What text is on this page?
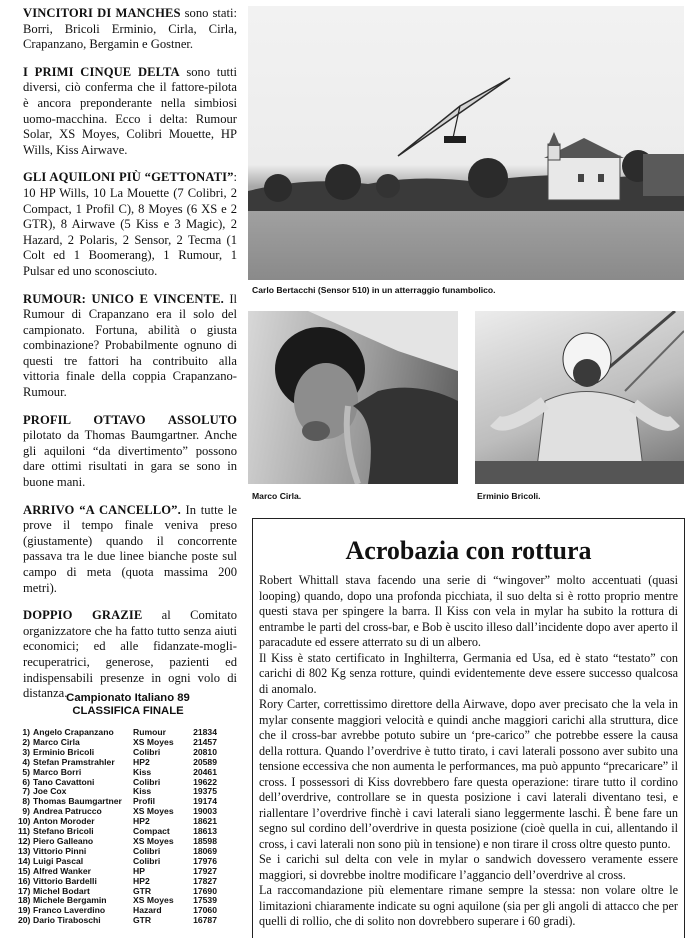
VINCITORI DI MANCHES sono stati: Borri, Bricoli Erminio, Cirla, Cirla, Crapanzano, Bergamin e Gostner.

I PRIMI CINQUE DELTA sono tutti diversi, ciò conferma che il fattore-pilota è ancora preponderante nella simbiosi uomo-macchina. Ecco i delta: Rumour Solar, XS Moyes, Colibri Mouette, HP Wills, Kiss Airwave.

GLI AQUILONI PIÙ “GETTONATI”: 10 HP Wills, 10 La Mouette (7 Colibri, 2 Compact, 1 Profil C), 8 Moyes (6 XS e 2 GTR), 8 Airwave (5 Kiss e 3 Magic), 2 Hazard, 2 Polaris, 2 Sensor, 2 Tecma (1 Colt ed 1 Boomerang), 1 Rumour, 1 Pulsar ed uno sconosciuto.

RUMOUR: UNICO E VINCENTE. Il Rumour di Crapanzano era il solo del campionato. Fortuna, abilità o giusta combinazione? Probabilmente ognuno di questi tre fattori ha contribuito alla vittoria finale della coppia Crapanzano-Rumour.

PROFIL OTTAVO ASSOLUTO pilotato da Thomas Baumgartner. Anche gli aquiloni “da divertimento” possono dare ottimi risultati in gara se sono in buone mani.

ARRIVO “A CANCELLO”. In tutte le prove il tempo finale veniva preso (giustamente) quando il concorrente passava tra le due linee bianche poste sul campo di meta (quota massima 200 metri).

DOPPIO GRAZIE al Comitato organizzatore che ha fatto tutto senza aiuti economici; ed alle fidanzate-mogli-recuperatrici, generose, pazienti ed indispensabili presenze in ogni volo di distanza.

Campionato Italiano 89
CLASSIFICA FINALE
1) Angelo Crapanzano	Rumour	21834
2) Marco Cirla	XS Moyes	21457
3) Erminio Bricoli	Colibri	20810
4) Stefan Pramstrahler	HP2	20589
5) Marco Borri	Kiss	20461
6) Tano Cavattoni	Colibri	19622
7) Joe Cox	Kiss	19375
8) Thomas Baumgartner	Profil	19174
9) Andrea Patrucco	XS Moyes	19003
10) Anton Moroder	HP2	18621
11) Stefano Bricoli	Compact	18613
12) Piero Galleano	XS Moyes	18598
13) Vittorio Pinni	Colibri	18069
14) Luigi Pascal	Colibri	17976
15) Alfred Wanker	HP	17927
16) Vittorio Bardelli	HP2	17827
17) Michel Bodart	GTR	17690
18) Michele Bergamin	XS Moyes	17539
19) Franco Laverdino	Hazard	17060
20) Dario Tiraboschi	GTR	16787
Carlo Bertacchi (Sensor 510) in un atterraggio funambolico.
Marco Cirla.	Erminio Bricoli.
Acrobazia con rottura

Robert Whittall stava facendo una serie di “wingover” molto accentuati (quasi looping) quando, dopo una profonda picchiata, il suo delta si è rotto proprio mentre questi stava per spingere la barra. Il Kiss con vela in mylar ha subito la rottura di entrambe le parti del cross-bar, e Bob è uscito illeso dall’incidente dopo aver aperto il paracadute ed essere atterrato su di un albero.

Il Kiss è stato certificato in Inghilterra, Germania ed Usa, ed è stato “testato” con carichi di 802 Kg senza rotture, quindi evidentemente deve essere successo qualcosa di anomalo.

Rory Carter, correttissimo direttore della Airwave, dopo aver precisato che la vela in mylar consente maggiori velocità e quindi anche maggiori carichi alla struttura, dice che il cross-bar avrebbe potuto subire un ‘pre-carico” che potrebbe essere la causa della rottura. Quando l’overdrive è tutto tirato, i cavi laterali possono aver subito una tensione eccessiva che non aumenta le performances, ma può appunto “precaricare” il cross. I possessori di Kiss dovrebbero fare questa operazione: tirare tutto il cordino dell’overdrive, controllare se in questa posizione i cavi laterali diventano tesi, e riallentare l’overdrive finchè i cavi laterali siano leggermente laschi. È bene fare un segno sul cordino dell’overdrive in questa posizione (cioè quella in cui, allentando il cross, i cavi laterali non sono più in tensione) e non tirare il cross oltre questo punto.

Se i carichi sul delta con vele in mylar o sandwich dovessero veramente essere maggiori, si dovrebbe inoltre modificare l’aggancio dell’overdrive al cross.

La raccomandazione più elementare rimane sempre la stessa: non volare oltre le limitazioni chiaramente indicate su ogni aquilone (sia per gli angoli di attacco che per quelli di rollio, che di solito non dovrebbero superare i 60 gradi).
